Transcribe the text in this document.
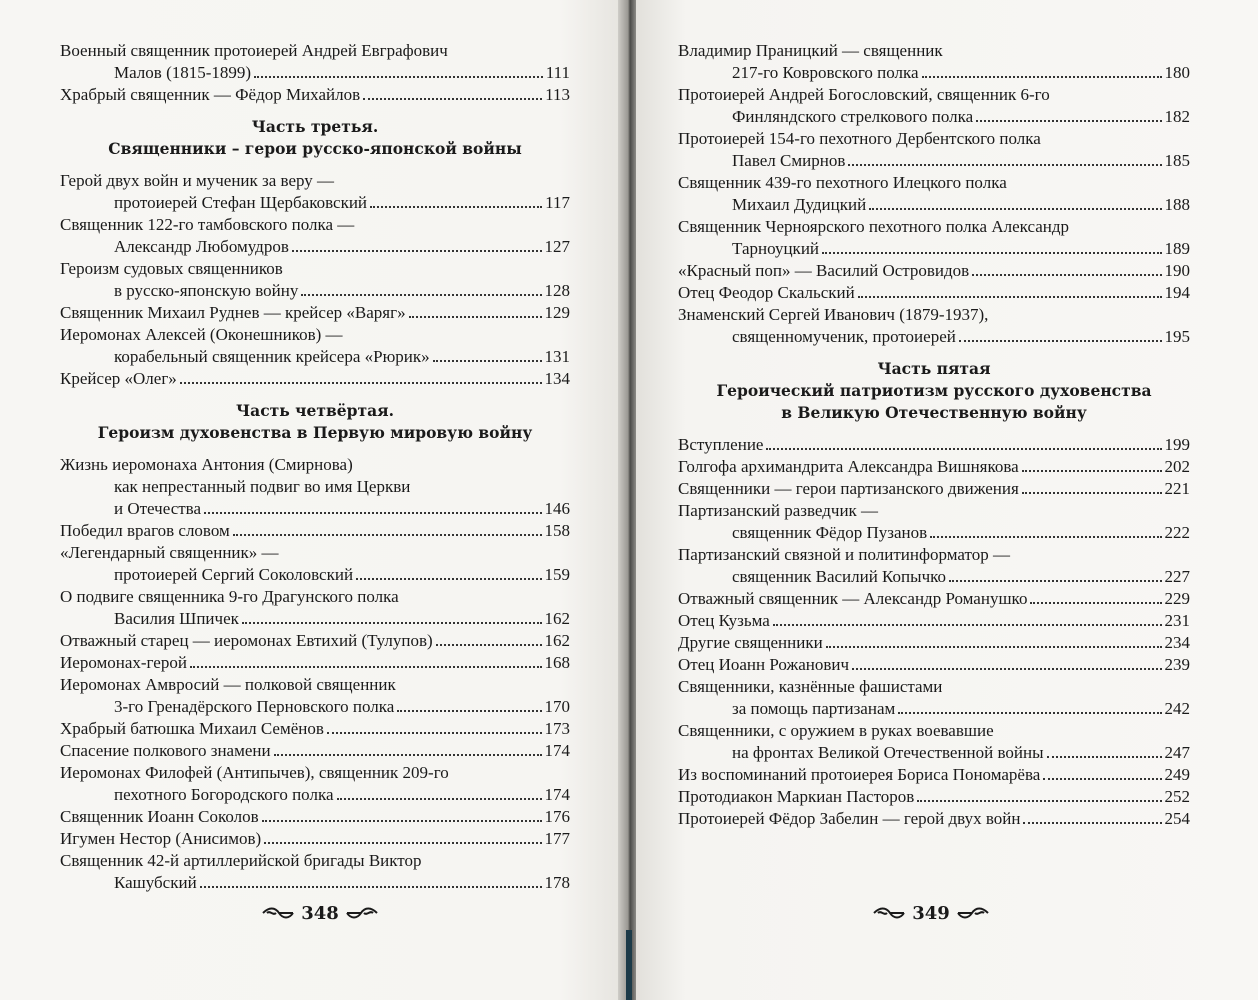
Военный священник протоиерей Андрей Евграфович
Малов (1815-1899)	111
Храбрый священник — Фёдор Михайлов	113
Часть третья.
Священники – герои русско-японской войны
Герой двух войн и мученик за веру —
протоиерей Стефан Щербаковский	117
Священник 122-го тамбовского полка —
Александр Любомудров	127
Героизм судовых священников
в русско-японскую войну	128
Священник Михаил Руднев — крейсер «Варяг»	129
Иеромонах Алексей (Оконешников) —
корабельный священник крейсера «Рюрик»	131
Крейсер «Олег»	134
Часть четвёртая.
Героизм духовенства в Первую мировую войну
Жизнь иеромонаха Антония (Смирнова)
как непрестанный подвиг во имя Церкви
и Отечества	146
Победил врагов словом	158
«Легендарный священник» —
протоиерей Сергий Соколовский	159
О подвиге священника 9-го Драгунского полка
Василия Шпичек	162
Отважный старец — иеромонах Евтихий (Тулупов)	162
Иеромонах-герой	168
Иеромонах Амвросий — полковой священник
3-го Гренадёрского Перновского полка	170
Храбрый батюшка Михаил Семёнов	173
Спасение полкового знамени	174
Иеромонах Филофей (Антипычев), священник 209-го
пехотного Богородского полка	174
Священник Иоанн Соколов	176
Игумен Нестор (Анисимов)	177
Священник 42-й артиллерийской бригады Виктор
Кашубский	178
348
Владимир Праницкий — священник
217-го Ковровского полка	180
Протоиерей Андрей Богословский, священник 6-го
Финляндского стрелкового полка	182
Протоиерей 154-го пехотного Дербентского полка
Павел Смирнов	185
Священник 439-го пехотного Илецкого полка
Михаил Дудицкий	188
Священник Черноярского пехотного полка Александр
Тарноуцкий	189
«Красный поп» — Василий Островидов	190
Отец Феодор Скальский	194
Знаменский Сергей Иванович (1879-1937),
священномученик, протоиерей	195
Часть пятая
Героический патриотизм русского духовенства
в Великую Отечественную войну
Вступление	199
Голгофа архимандрита Александра Вишнякова	202
Священники — герои партизанского движения	221
Партизанский разведчик —
священник Фёдор Пузанов	222
Партизанский связной и политинформатор —
священник Василий Копычко	227
Отважный священник — Александр Романушко	229
Отец Кузьма	231
Другие священники	234
Отец Иоанн Рожанович	239
Священники, казнённые фашистами
за помощь партизанам	242
Священники, с оружием в руках воевавшие
на фронтах Великой Отечественной войны	247
Из воспоминаний протоиерея Бориса Пономарёва	249
Протодиакон Маркиан Пасторов	252
Протоиерей Фёдор Забелин — герой двух войн	254
349
